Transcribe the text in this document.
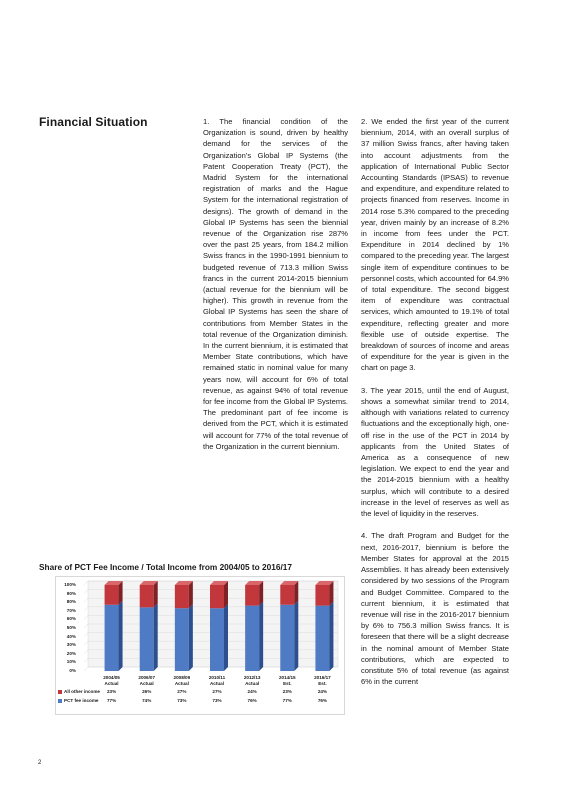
Financial Situation	1. The financial condition of the Organization is sound, driven by healthy demand for the services of the Organization’s Global IP Systems (the Patent Cooperation Treaty (PCT), the Madrid System for the international registration of marks and the Hague System for the international registration of designs). The growth of demand in the Global IP Systems has seen the biennial revenue of the Organization rise 287% over the past 25 years, from 184.2 million Swiss francs in the 1990-1991 biennium to budgeted revenue of 713.3 million Swiss francs in the current 2014-2015 biennium (actual revenue for the biennium will be higher). This growth in revenue from the Global IP Systems has seen the share of contributions from Member States in the total revenue of the Organization diminish. In the current biennium, it is estimated that Member State contributions, which have remained static in nominal value for many years now, will account for 6% of total revenue, as against 94% of total revenue for fee income from the Global IP Systems. The predominant part of fee income is derived from the PCT, which it is estimated will account for 77% of the total revenue of the Organization in the current biennium.

2. We ended the first year of the current biennium, 2014, with an overall surplus of 37 million Swiss francs, after having taken into account adjustments from the application of International Public Sector Accounting Standards (IPSAS) to revenue and expenditure, and expenditure related to projects financed from reserves. Income in 2014 rose 5.3% compared to the preceding year, driven mainly by an increase of 8.2% in income from fees under the PCT. Expenditure in 2014 declined by 1% compared to the preceding year. The largest single item of expenditure continues to be personnel costs, which accounted for 64.9% of total expenditure. The second biggest item of expenditure was contractual services, which amounted to 19.1% of total expenditure, reflecting greater and more flexible use of outside expertise. The breakdown of sources of income and areas of expenditure for the year is given in the chart on page 3.

3. The year 2015, until the end of August, shows a somewhat similar trend to 2014, although with variations related to currency fluctuations and the exceptionally high, one-off rise in the use of the PCT in 2014 by applicants from the United States of America as a consequence of new legislation. We expect to end the year and the 2014-2015 biennium with a healthy surplus, which will contribute to a desired increase in the level of reserves as well as the level of liquidity in the reserves.

4. The draft Program and Budget for the next, 2016-2017, biennium is before the Member States for approval at the 2015 Assemblies. It has already been extensively considered by two sessions of the Program and Budget Committee. Compared to the current biennium, it is estimated that revenue will rise in the 2016-2017 biennium by 6% to 756.3 million Swiss francs. It is foreseen that there will be a slight decrease in the nominal amount of Member State contributions, which are expected to constitute 5% of total revenue (as against 6% in the current

Share of PCT Fee Income / Total Income from 2004/05 to 2016/17
0%
10%
20%
30%
40%
50%
60%
70%
80%
90%
100%
2004/05
Actual
2006/07
Actual
2008/09
Actual
2010/11
Actual
2012/13
Actual
2014/15
Est.
2016/17
Est.
All other income	23%	26%	27%	27%	24%	23%	24%
PCT fee income	77%	74%	73%	73%	76%	77%	76%
2
